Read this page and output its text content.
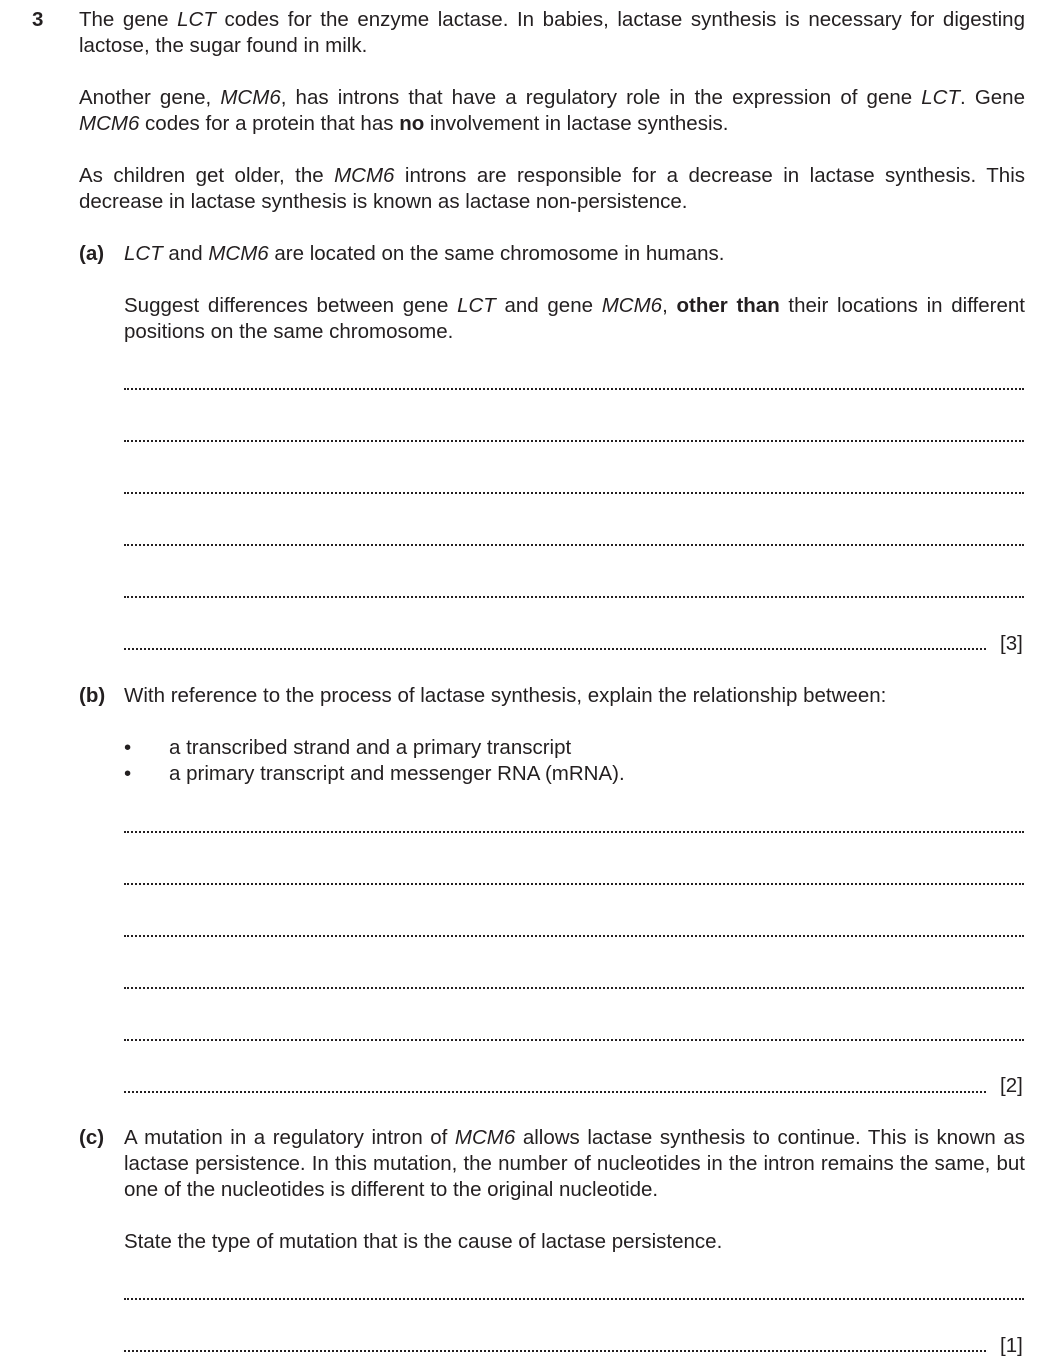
3 The gene LCT codes for the enzyme lactase. In babies, lactase synthesis is necessary for digesting lactose, the sugar found in milk.
Another gene, MCM6, has introns that have a regulatory role in the expression of gene LCT. Gene MCM6 codes for a protein that has no involvement in lactase synthesis.
As children get older, the MCM6 introns are responsible for a decrease in lactase synthesis. This decrease in lactase synthesis is known as lactase non-persistence.
(a) LCT and MCM6 are located on the same chromosome in humans.
Suggest differences between gene LCT and gene MCM6, other than their locations in different positions on the same chromosome.
[3]
(b) With reference to the process of lactase synthesis, explain the relationship between:
• a transcribed strand and a primary transcript
• a primary transcript and messenger RNA (mRNA).
[2]
(c) A mutation in a regulatory intron of MCM6 allows lactase synthesis to continue. This is known as lactase persistence. In this mutation, the number of nucleotides in the intron remains the same, but one of the nucleotides is different to the original nucleotide.
State the type of mutation that is the cause of lactase persistence.
[1]
